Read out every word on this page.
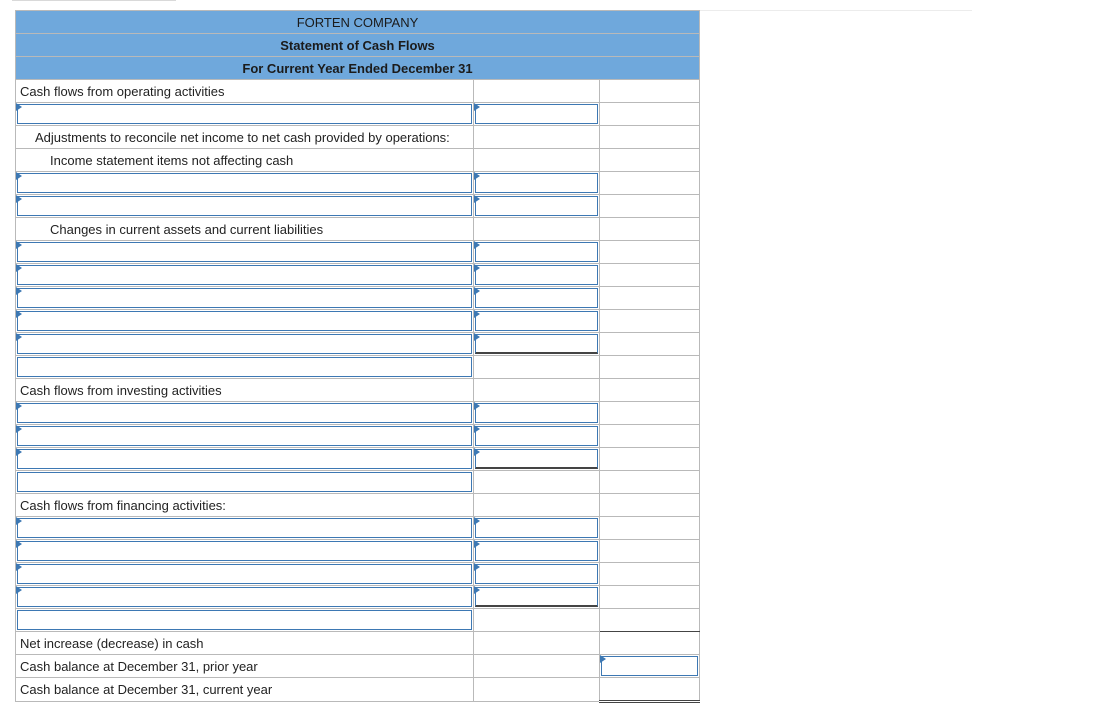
FORTEN COMPANY		
Statement of Cash Flows		
For Current Year Ended December 31		
Cash flows from operating activities		

Adjustments to reconcile net income to net cash provided by operations:		
Income statement items not affecting cash		

Changes in current assets and current liabilities		

Cash flows from investing activities		

Cash flows from financing activities:		

Net increase (decrease) in cash		
Cash balance at December 31, prior year		

Cash balance at December 31, current year		
